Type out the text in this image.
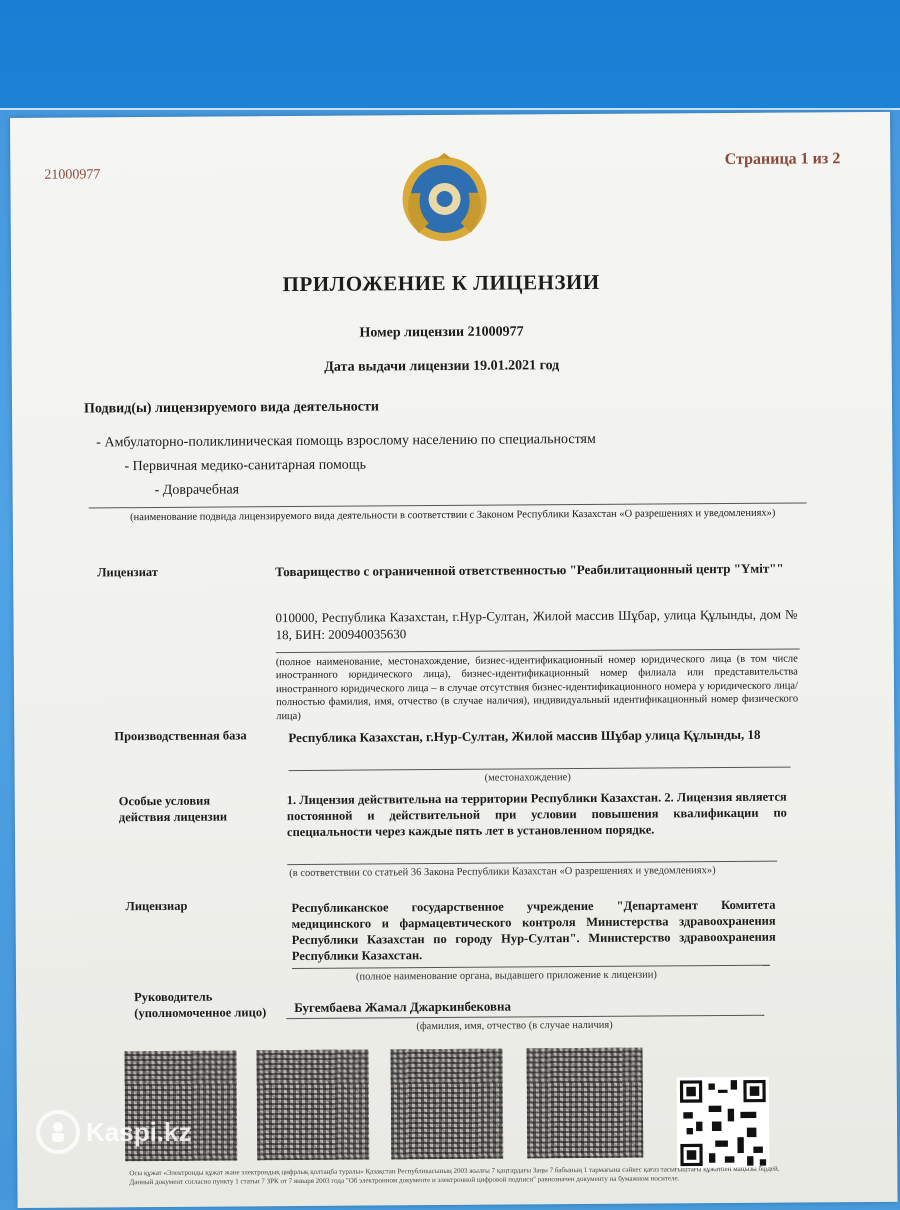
21000977
Страница 1 из 2
ПРИЛОЖЕНИЕ К ЛИЦЕНЗИИ
Номер лицензии 21000977
Дата выдачи лицензии 19.01.2021 год
Подвид(ы) лицензируемого вида деятельности
- Амбулаторно-поликлиническая помощь взрослому населению по специальностям
- Первичная медико-санитарная помощь
- Доврачебная
(наименование подвида лицензируемого вида деятельности в соответствии с Законом Республики Казахстан «О разрешениях и уведомлениях»)
Лицензиат	Товарищество с ограниченной ответственностью "Реабилитационный центр "Үміт""
010000, Республика Казахстан, г.Нур-Султан, Жилой массив Шұбар, улица Құлынды, дом № 18, БИН: 200940035630
(полное наименование, местонахождение, бизнес-идентификационный номер юридического лица (в том числе иностранного юридического лица), бизнес-идентификационный номер филиала или представительства иностранного юридического лица – в случае отсутствия бизнес-идентификационного номера у юридического лица/полностью фамилия, имя, отчество (в случае наличия), индивидуальный идентификационный номер физического лица)
Производственная база	Республика Казахстан, г.Нур-Султан, Жилой массив Шұбар улица Құлынды, 18
(местонахождение)
Особые условия действия лицензии
1. Лицензия действительна на территории Республики Казахстан. 2. Лицензия является постоянной и действительной при условии повышения квалификации по специальности через каждые пять лет в установленном порядке.
(в соответствии со статьей 36 Закона Республики Казахстан «О разрешениях и уведомлениях»)
Лицензиар	Республиканское государственное учреждение "Департамент Комитета медицинского и фармацевтического контроля Министерства здравоохранения Республики Казахстан по городу Нур-Султан". Министерство здравоохранения Республики Казахстан.
(полное наименование органа, выдавшего приложение к лицензии)
Руководитель (уполномоченное лицо)	Бугембаева Жамал Джаркинбековна
(фамилия, имя, отчество (в случае наличия)
Осы құжат «Электронды құжат және электрондық цифрлық қолтаңба туралы» Қазақстан Республикасының 2003 жылғы 7 қаңтардағы Заңы 7 бабының 1 тармағына сәйкес қағаз тасығыштағы құжатпен маңызы бірдей. Данный документ согласно пункту 1 статьи 7 ЗРК от 7 января 2003 года "Об электронном документе и электронной цифровой подписи" равнозначен документу на бумажном носителе.
Kaspi.kz
